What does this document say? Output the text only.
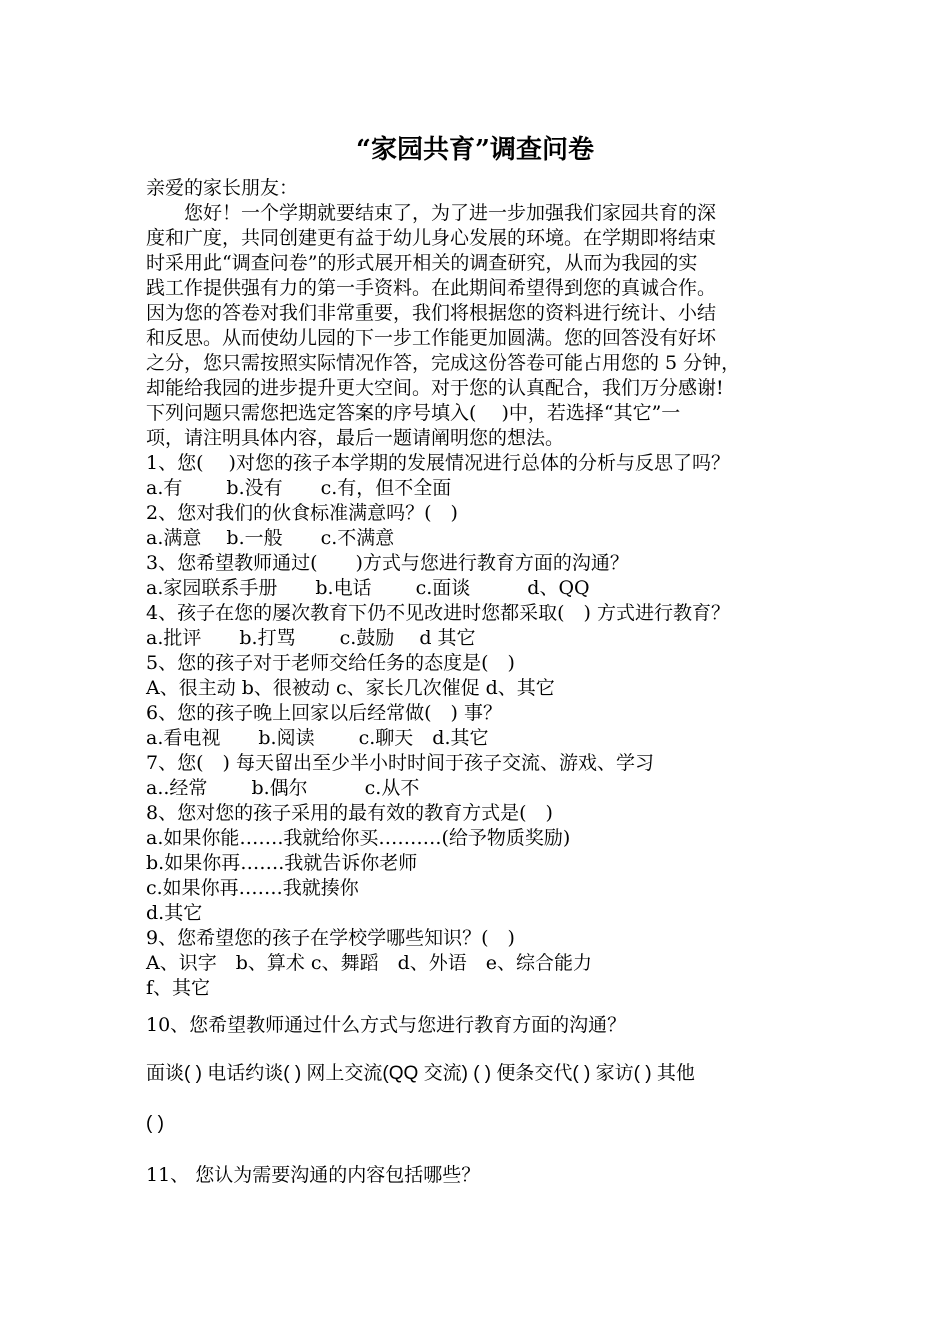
“家园共育”调查问卷
亲爱的家长朋友：
　　您好！一个学期就要结束了，为了进一步加强我们家园共育的深
度和广度，共同创建更有益于幼儿身心发展的环境。在学期即将结束
时采用此“调查问卷”的形式展开相关的调查研究，从而为我园的实
践工作提供强有力的第一手资料。在此期间希望得到您的真诚合作。
因为您的答卷对我们非常重要，我们将根据您的资料进行统计、小结
和反思。从而使幼儿园的下一步工作能更加圆满。您的回答没有好坏
之分，您只需按照实际情况作答，完成这份答卷可能占用您的 5 分钟，
却能给我园的进步提升更大空间。对于您的认真配合，我们万分感谢!
下列问题只需您把选定答案的序号填入(　 )中，若选择“其它”一
项，请注明具体内容，最后一题请阐明您的想法。
1、您(　 )对您的孩子本学期的发展情况进行总体的分析与反思了吗？
a.有　　 b.没有　　c.有，但不全面
2、您对我们的伙食标准满意吗？(　)
a.满意　 b.一般　　c.不满意
3、您希望教师通过(　　)方式与您进行教育方面的沟通？
a.家园联系手册　　b.电话　　 c.面谈　　　d、QQ
4、孩子在您的屡次教育下仍不见改进时您都采取(　) 方式进行教育？
a.批评　　b.打骂　　 c.鼓励　 d 其它
5、您的孩子对于老师交给任务的态度是(　)
A、很主动 b、很被动 c、家长几次催促 d、其它
6、您的孩子晚上回家以后经常做(　) 事？
a.看电视　　b.阅读　　 c.聊天　d.其它
7、您(　) 每天留出至少半小时时间于孩子交流、游戏、学习
a..经常　　 b.偶尔　　　c.从不
8、您对您的孩子采用的最有效的教育方式是(　)
a.如果你能…….我就给你买……….(给予物质奖励)
b.如果你再…….我就告诉你老师
c.如果你再…….我就揍你
d.其它
9、您希望您的孩子在学校学哪些知识？(　)
A、识字　b、算术 c、舞蹈　d、外语　e、综合能力
f、其它
10、您希望教师通过什么方式与您进行教育方面的沟通？
面谈( ) 电话约谈( ) 网上交流(QQ 交流) ( ) 便条交代( ) 家访( ) 其他
( )
11、 您认为需要沟通的内容包括哪些？
